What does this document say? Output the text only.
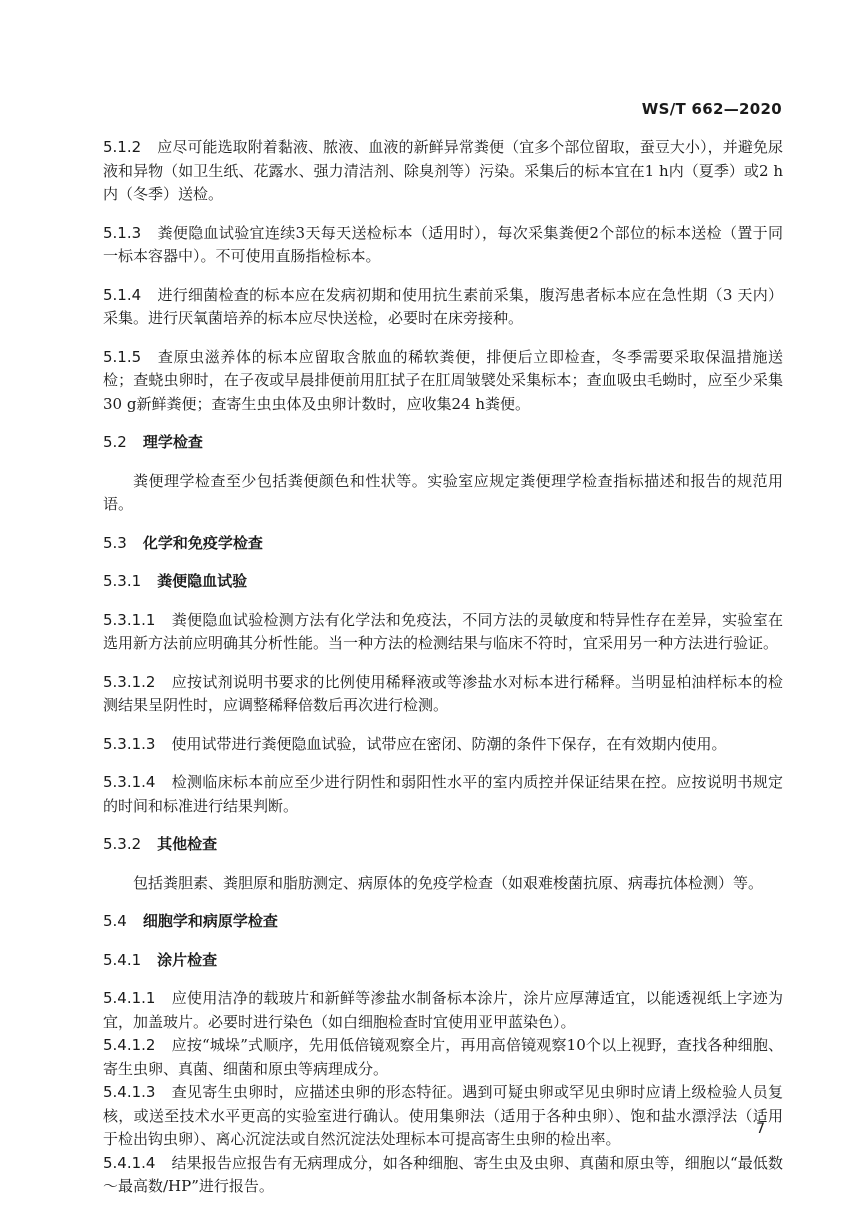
WS/T 662—2020
5.1.2 应尽可能选取附着黏液、脓液、血液的新鲜异常粪便（宜多个部位留取，蚕豆大小），并避免尿液和异物（如卫生纸、花露水、强力清洁剂、除臭剂等）污染。采集后的标本宜在1 h内（夏季）或2 h内（冬季）送检。
5.1.3 粪便隐血试验宜连续3天每天送检标本（适用时），每次采集粪便2个部位的标本送检（置于同一标本容器中）。不可使用直肠指检标本。
5.1.4 进行细菌检查的标本应在发病初期和使用抗生素前采集，腹泻患者标本应在急性期（3 天内）采集。进行厌氧菌培养的标本应尽快送检，必要时在床旁接种。
5.1.5 查原虫滋养体的标本应留取含脓血的稀软粪便，排便后立即检查，冬季需要采取保温措施送检；查蛲虫卵时，在子夜或早晨排便前用肛拭子在肛周皱襞处采集标本；查血吸虫毛蚴时，应至少采集30 g新鲜粪便；查寄生虫虫体及虫卵计数时，应收集24 h粪便。
5.2 理学检查
粪便理学检查至少包括粪便颜色和性状等。实验室应规定粪便理学检查指标描述和报告的规范用语。
5.3 化学和免疫学检查
5.3.1 粪便隐血试验
5.3.1.1 粪便隐血试验检测方法有化学法和免疫法，不同方法的灵敏度和特异性存在差异，实验室在选用新方法前应明确其分析性能。当一种方法的检测结果与临床不符时，宜采用另一种方法进行验证。
5.3.1.2 应按试剂说明书要求的比例使用稀释液或等渗盐水对标本进行稀释。当明显柏油样标本的检测结果呈阴性时，应调整稀释倍数后再次进行检测。
5.3.1.3 使用试带进行粪便隐血试验，试带应在密闭、防潮的条件下保存，在有效期内使用。
5.3.1.4 检测临床标本前应至少进行阴性和弱阳性水平的室内质控并保证结果在控。应按说明书规定的时间和标准进行结果判断。
5.3.2 其他检查
包括粪胆素、粪胆原和脂肪测定、病原体的免疫学检查（如艰难梭菌抗原、病毒抗体检测）等。
5.4 细胞学和病原学检查
5.4.1 涂片检查
5.4.1.1 应使用洁净的载玻片和新鲜等渗盐水制备标本涂片，涂片应厚薄适宜，以能透视纸上字迹为宜，加盖玻片。必要时进行染色（如白细胞检查时宜使用亚甲蓝染色）。
5.4.1.2 应按“城垛”式顺序，先用低倍镜观察全片，再用高倍镜观察10个以上视野，查找各种细胞、寄生虫卵、真菌、细菌和原虫等病理成分。
5.4.1.3 查见寄生虫卵时，应描述虫卵的形态特征。遇到可疑虫卵或罕见虫卵时应请上级检验人员复核，或送至技术水平更高的实验室进行确认。使用集卵法（适用于各种虫卵）、饱和盐水漂浮法（适用于检出钩虫卵）、离心沉淀法或自然沉淀法处理标本可提高寄生虫卵的检出率。
5.4.1.4 结果报告应报告有无病理成分，如各种细胞、寄生虫及虫卵、真菌和原虫等，细胞以“最低数～最高数/HP”进行报告。
7
